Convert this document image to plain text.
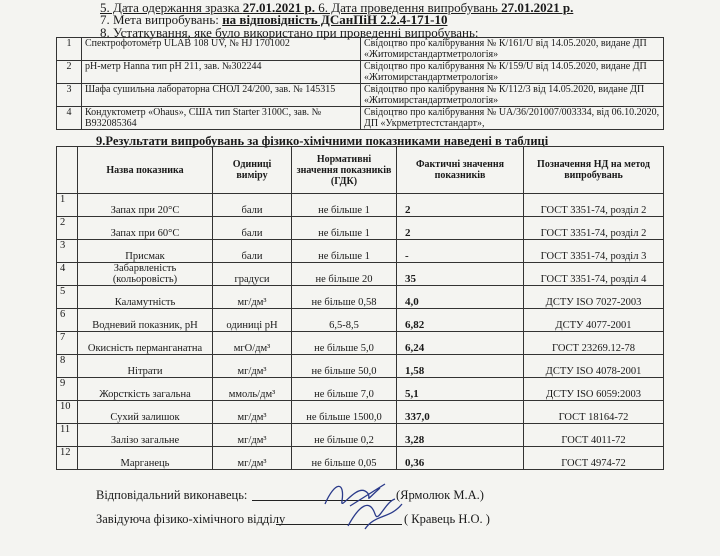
5. Дата одержання зразка 27.01.2021 р. 6. Дата проведення випробувань 27.01.2021 р.
7. Мета випробувань: на відповідність ДСанПіН 2.2.4-171-10
8. Устаткування, яке було використано при проведенні випробувань:
1	Спектрофотометр ULAB 108 UV, № HJ 1701002	Свідоцтво про калібрування № К/161/U від 14.05.2020, видане ДП «Житомирстандартметрологія»
2	pH-метр Hanna тип pH 211, зав. №302244	Свідоцтво про калібрування № К/159/U від 14.05.2020, видане ДП «Житомирстандартметрологія»
3	Шафа сушильна лабораторна СНОЛ 24/200, зав. № 145315	Свідоцтво про калібрування № К/112/3 від 14.05.2020, видане ДП «Житомирстандартметрологія»
4	Кондуктометр «Ohaus», США тип Starter 3100С, зав. № В932085364	Свідоцтво про калібрування № UA/36/201007/003334, від 06.10.2020, ДП «Укрметртестстандарт»,
9.Результати випробувань за фізико-хімічними показниками наведені в таблиці
	Назва показника	Одиниці виміру	Нормативні значення показників (ГДК)	Фактичні значення показників	Позначення НД на метод випробувань
1	Запах при 20°С	бали	не більше 1	2	ГОСТ 3351-74, розділ 2
2	Запах при 60°С	бали	не більше 1	2	ГОСТ 3351-74, розділ 2
3	Присмак	бали	не більше 1	-	ГОСТ 3351-74, розділ 3
4	Забарвленість (кольоровість)	градуси	не більше 20	35	ГОСТ 3351-74, розділ 4
5	Каламутність	мг/дм³	не більше 0,58	4,0	ДСТУ ISO 7027-2003
6	Водневий показник, pH	одиниці pH	6,5-8,5	6,82	ДСТУ 4077-2001
7	Окисність перманганатна	мгО/дм³	не більше 5,0	6,24	ГОСТ 23269.12-78
8	Нітрати	мг/дм³	не більше 50,0	1,58	ДСТУ ISO 4078-2001
9	Жорсткість загальна	ммоль/дм³	не більше 7,0	5,1	ДСТУ ISO 6059:2003
10	Сухий залишок	мг/дм³	не більше 1500,0	337,0	ГОСТ 18164-72
11	Залізо загальне	мг/дм³	не більше 0,2	3,28	ГОСТ 4011-72
12	Марганець	мг/дм³	не більше 0,05	0,36	ГОСТ 4974-72
Відповідальний виконавець:	(Ярмолюк М.А.)
Завідуюча фізико-хімічного відділу	( Кравець Н.О. )
